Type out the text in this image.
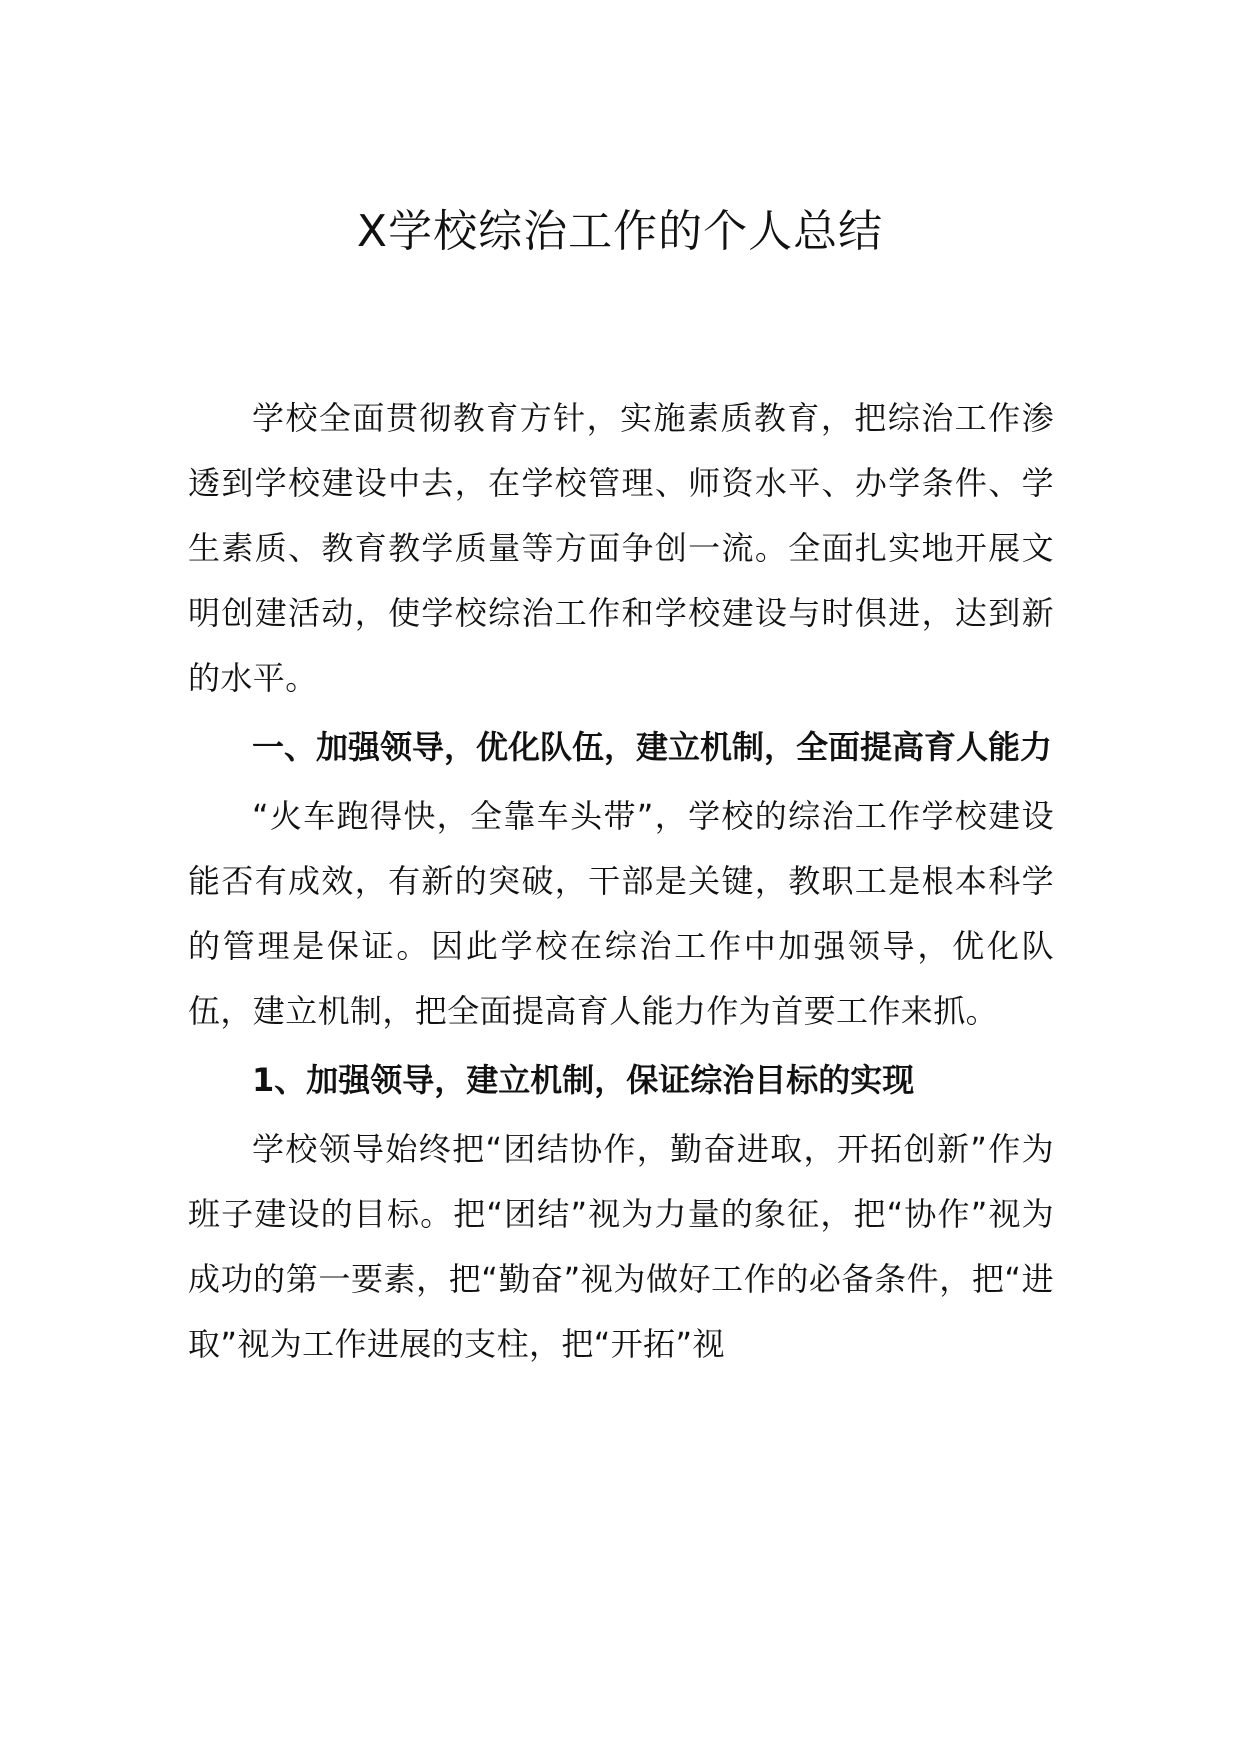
X学校综治工作的个人总结

学校全面贯彻教育方针，实施素质教育，把综治工作渗透到学校建设中去，在学校管理、师资水平、办学条件、学生素质、教育教学质量等方面争创一流。全面扎实地开展文明创建活动，使学校综治工作和学校建设与时俱进，达到新的水平。

一、加强领导，优化队伍，建立机制，全面提高育人能力

“火车跑得快，全靠车头带”，学校的综治工作学校建设能否有成效，有新的突破，干部是关键，教职工是根本科学的管理是保证。因此学校在综治工作中加强领导，优化队伍，建立机制，把全面提高育人能力作为首要工作来抓。

1、加强领导，建立机制，保证综治目标的实现

学校领导始终把“团结协作，勤奋进取，开拓创新”作为班子建设的目标。把“团结”视为力量的象征，把“协作”视为成功的第一要素，把“勤奋”视为做好工作的必备条件，把“进取”视为工作进展的支柱，把“开拓”视
